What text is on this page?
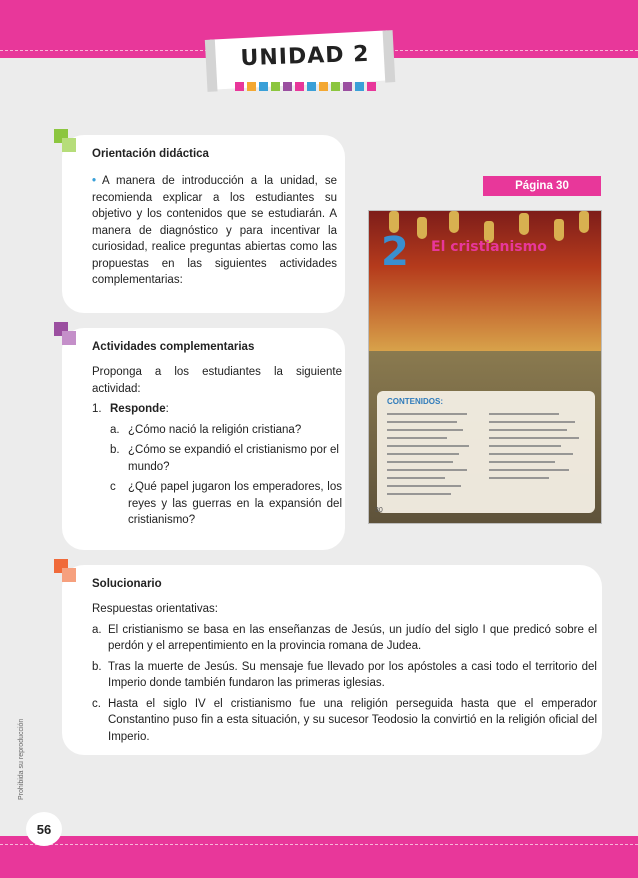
UNIDAD 2
Orientación didáctica

• A manera de introducción a la unidad, se recomienda explicar a los estudiantes su objetivo y los contenidos que se estudiarán. A manera de diagnóstico y para incentivar la curiosidad, realice preguntas abiertas como las propuestas en las siguientes actividades complementarias:

Actividades complementarias

Proponga a los estudiantes la siguiente actividad:

1. Responde:
a. ¿Cómo nació la religión cristiana?
b. ¿Cómo se expandió el cristianismo por el mundo?
c	¿Qué papel jugaron los emperadores, los reyes y las guerras en la expansión del cristianismo?
Solucionario

Respuestas orientativas:

a. El cristianismo se basa en las enseñanzas de Jesús, un judío del siglo I que predicó sobre el perdón y el arrepentimiento en la provincia romana de Judea.
b. Tras la muerte de Jesús. Su mensaje fue llevado por los apóstoles a casi todo el territorio del Imperio donde también fundaron las primeras iglesias.
c. Hasta el siglo IV el cristianismo fue una religión perseguida hasta que el emperador Constantino puso fin a esta situación, y su sucesor Teodosio la convirtió en la religión oficial del Imperio.
Página 30
2 El cristianismo
CONTENIDOS:
30
Prohibida su reproducción
56
